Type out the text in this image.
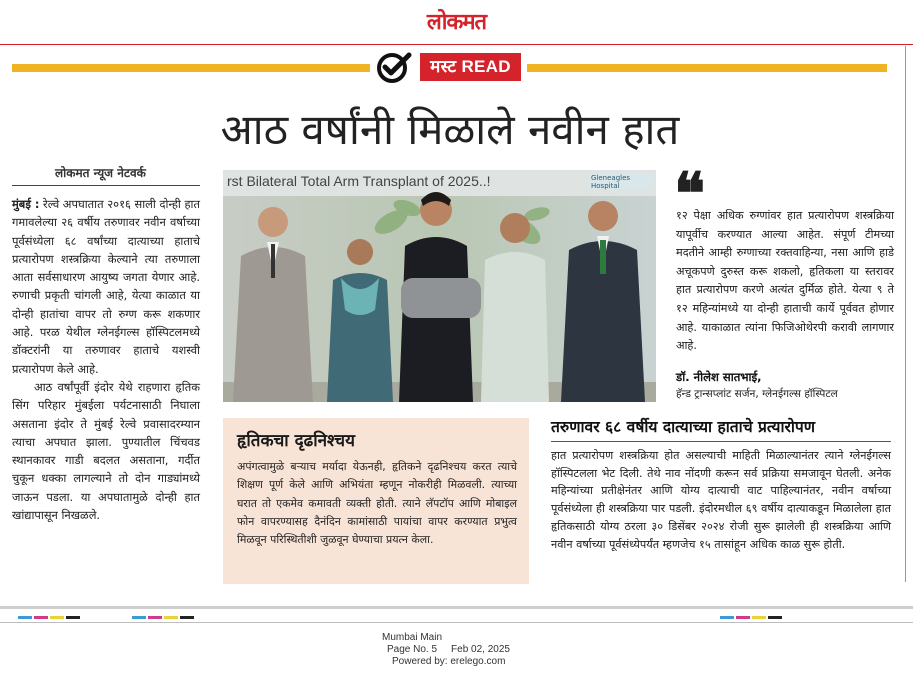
लोकमत
मस्ट READ
आठ वर्षांनी मिळाले नवीन हात
लोकमत न्यूज नेटवर्क

मुंबई : रेल्वे अपघातात २०१६ साली दोन्ही हात गमावलेल्या २६ वर्षीय तरुणावर नवीन वर्षाच्या पूर्वसंध्येला ६८ वर्षांच्या दात्याच्या हाताचे प्रत्यारोपण शस्त्रक्रिया केल्याने त्या तरुणाला आता सर्वसाधारण आयुष्य जगता येणार आहे. रुणाची प्रकृती चांगली आहे, येत्या काळात या दोन्ही हातांचा वापर तो रुग्ण करू शकणार आहे. परळ येथील ग्लेनईगल्स हॉस्पिटलमध्ये डॉक्टरांनी या तरुणावर हाताचे यशस्वी प्रत्यारोपण केले आहे.

आठ वर्षांपूर्वी इंदोर येथे राहणारा हृतिक सिंग परिहार मुंबईला पर्यटनासाठी निघाला असताना इंदोर ते मुंबई रेल्वे प्रवासादरम्यान त्याचा अपघात झाला. पुण्यातील चिंचवड स्थानकावर गाडी बदलत असताना, गर्दीत चुकून धक्का लागल्याने तो दोन गाड्यांमध्ये जाऊन पडला. या अपघातामुळे दोन्ही हात खांद्यापासून निखळले.

rst Bilateral Total Arm Transplant of 2025..!	Gleneagles Hospital ❝
१२ पेक्षा अधिक रुग्णांवर हात प्रत्यारोपण शस्त्रक्रिया यापूर्वीच करण्यात आल्या आहेत. संपूर्ण टीमच्या मदतीने आम्ही रुग्णाच्या रक्तवाहिन्या, नसा आणि हाडे अचूकपणे दुरुस्त करू शकलो, हृतिकला या स्तरावर हात प्रत्यारोपण करणे अत्यंत दुर्मिळ होते. येत्या ९ ते १२ महिन्यांमध्ये या दोन्ही हाताची कार्ये पूर्ववत होणार आहे. याकाळात त्यांना फिजिओथेरपी करावी लागणार आहे.
डॉ. नीलेश सातभाई,
हॅन्ड ट्रान्सप्लांट सर्जन, ग्लेनईगल्स हॉस्पिटल
हृतिकचा दृढनिश्चय
अपंगत्वामुळे बऱ्याच मर्यादा येऊनही, हृतिकने दृढनिश्चय करत त्याचे शिक्षण पूर्ण केले आणि अभियंता म्हणून नोकरीही मिळवली. त्याच्या घरात तो एकमेव कमावती व्यक्ती होती. त्याने लॅपटॉप आणि मोबाइल फोन वापरण्यासह दैनंदिन कामांसाठी पायांचा वापर करण्यात प्रभुत्व मिळवून परिस्थितीशी जुळवून घेण्याचा प्रयत्न केला.
तरुणावर ६८ वर्षीय दात्याच्या हाताचे प्रत्यारोपण
हात प्रत्यारोपण शस्त्रक्रिया होत असल्याची माहिती मिळाल्यानंतर त्याने ग्लेनईगल्स हॉस्पिटलला भेट दिली. तेथे नाव नोंदणी करून सर्व प्रक्रिया समजावून घेतली. अनेक महिन्यांच्या प्रतीक्षेनंतर आणि योग्य दात्याची वाट पाहिल्यानंतर, नवीन वर्षाच्या पूर्वसंध्येला ही शस्त्रक्रिया पार पडली. इंदोरमधील ६९ वर्षीय दात्याकडून मिळालेला हात हृतिकसाठी योग्य ठरला ३० डिसेंबर २०२४ रोजी सुरू झालेली ही शस्त्रक्रिया आणि नवीन वर्षाच्या पूर्वसंध्येपर्यंत म्हणजेच १५ तासांहून अधिक काळ सुरू होती.
Mumbai Main
Page No. 5 Feb 02, 2025
Powered by: erelego.com
